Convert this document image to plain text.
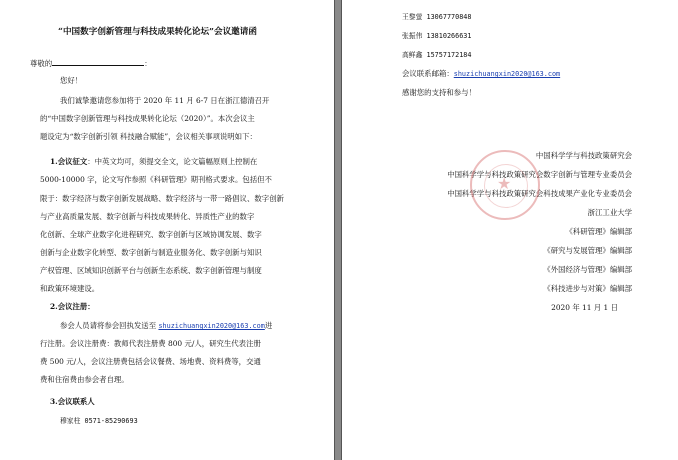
“中国数字创新管理与科技成果转化论坛”会议邀请函
尊敬的	：
您好！
我们诚挚邀请您参加将于 2020 年 11 月 6-7 日在浙江德清召开
的“中国数字创新管理与科技成果转化论坛（2020）”。本次会议主
题设定为“数字创新引领 科技融合赋能”，会议相关事项说明如下：
1.会议征文：中英文均可，须提交全文，论文篇幅原则上控制在
5000-10000 字，论文写作参照《科研管理》期刊格式要求。包括但不
限于：数字经济与数字创新发展战略、数字经济与一带一路倡议、数字创新
与产业高质量发展、数字创新与科技成果转化、异质性产业的数字
化创新、全球产业数字化进程研究、数字创新与区域协调发展、数字
创新与企业数字化转型、数字创新与制造业服务化、数字创新与知识
产权管理、区域知识创新平台与创新生态系统、数字创新管理与制度
和政策环境建设。
2.会议注册：
参会人员请将参会回执发送至 shuzichuangxin2020@163.com进
行注册。会议注册费：教师代表注册费 800 元/人，研究生代表注册
费 500 元/人，会议注册费包括会议餐费、场地费、资料费等，交通
费和住宿费由参会者自理。
3.会议联系人
穆家柱 0571-85290693
王黎萤 13067770848
张振伟 13810266631
高鲜鑫 15757172184
会议联系邮箱：shuzichuangxin2020@163.com
感谢您的支持和参与！
中国科学学与科技政策研究会
中国科学学与科技政策研究会数字创新与管理专业委员会
中国科学学与科技政策研究会科技成果产业化专业委员会
浙江工业大学
《科研管理》编辑部
《研究与发展管理》编辑部
《外国经济与管理》编辑部
《科技进步与对策》编辑部
2020 年 11 月 1 日
★
